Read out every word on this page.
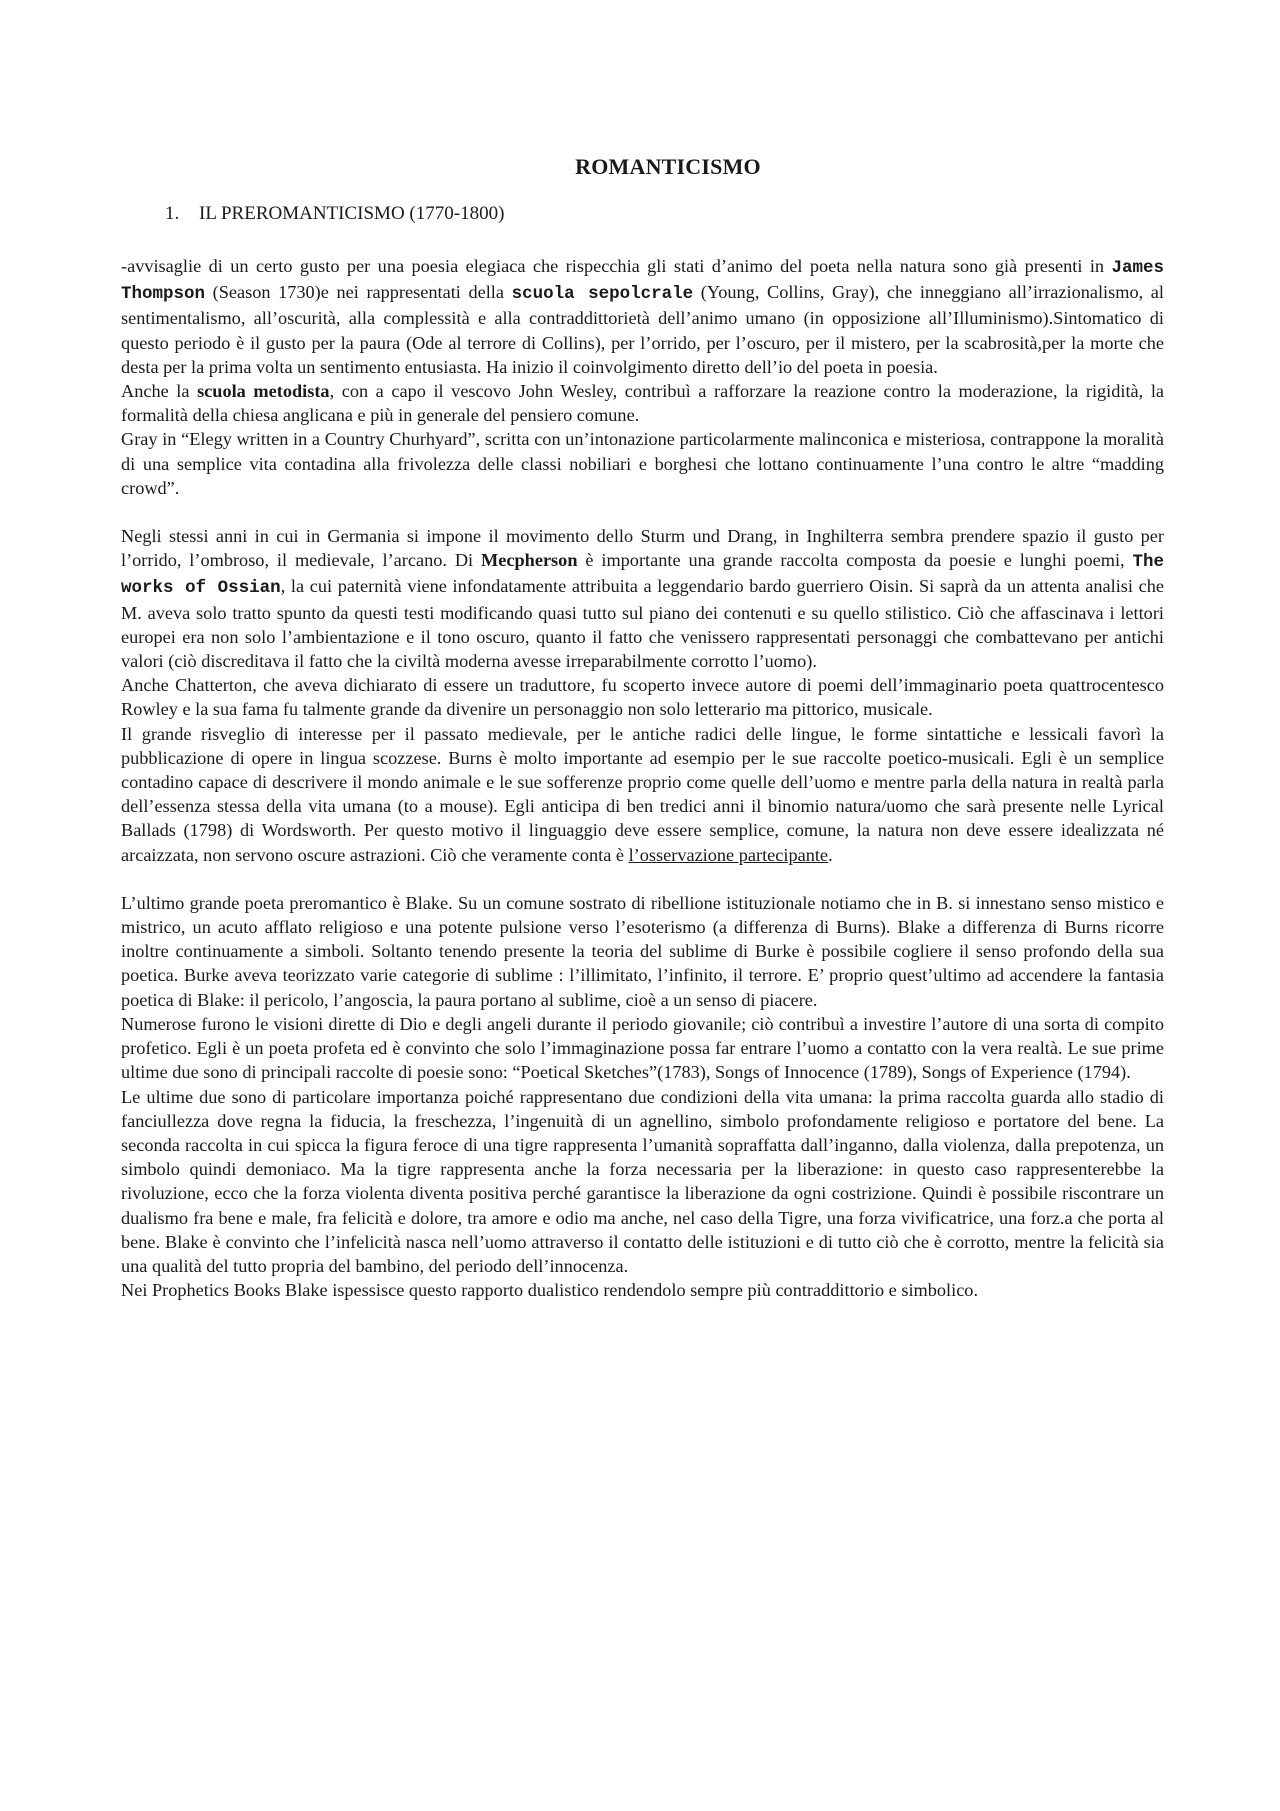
ROMANTICISMO
1. IL PREROMANTICISMO (1770-1800)

-avvisaglie di un certo gusto per una poesia elegiaca che rispecchia gli stati d’animo del poeta nella natura sono già presenti in James Thompson (Season 1730)e nei rappresentati della scuola sepolcrale (Young, Collins, Gray), che inneggiano all’irrazionalismo, al sentimentalismo, all’oscurità, alla complessità e alla contraddittorietà dell’animo umano (in opposizione all’Illuminismo).Sintomatico di questo periodo è il gusto per la paura (Ode al terrore di Collins), per l’orrido, per l’oscuro, per il mistero, per la scabrosità,per la morte che desta per la prima volta un sentimento entusiasta. Ha inizio il coinvolgimento diretto dell’io del poeta in poesia.

Anche la scuola metodista, con a capo il vescovo John Wesley, contribuì a rafforzare la reazione contro la moderazione, la rigidità, la formalità della chiesa anglicana e più in generale del pensiero comune.

Gray in “Elegy written in a Country Churhyard”, scritta con un’intonazione particolarmente malinconica e misteriosa, contrappone la moralità di una semplice vita contadina alla frivolezza delle classi nobiliari e borghesi che lottano continuamente l’una contro le altre “madding crowd”.

Negli stessi anni in cui in Germania si impone il movimento dello Sturm und Drang, in Inghilterra sembra prendere spazio il gusto per l’orrido, l’ombroso, il medievale, l’arcano. Di Mecpherson è importante una grande raccolta composta da poesie e lunghi poemi, The works of Ossian, la cui paternità viene infondatamente attribuita a leggendario bardo guerriero Oisin. Si saprà da un attenta analisi che M. aveva solo tratto spunto da questi testi modificando quasi tutto sul piano dei contenuti e su quello stilistico. Ciò che affascinava i lettori europei era non solo l’ambientazione e il tono oscuro, quanto il fatto che venissero rappresentati personaggi che combattevano per antichi valori (ciò discreditava il fatto che la civiltà moderna avesse irreparabilmente corrotto l’uomo).

Anche Chatterton, che aveva dichiarato di essere un traduttore, fu scoperto invece autore di poemi dell’immaginario poeta quattrocentesco Rowley e la sua fama fu talmente grande da divenire un personaggio non solo letterario ma pittorico, musicale.

Il grande risveglio di interesse per il passato medievale, per le antiche radici delle lingue, le forme sintattiche e lessicali favorì la pubblicazione di opere in lingua scozzese. Burns è molto importante ad esempio per le sue raccolte poetico-musicali. Egli è un semplice contadino capace di descrivere il mondo animale e le sue sofferenze proprio come quelle dell’uomo e mentre parla della natura in realtà parla dell’essenza stessa della vita umana (to a mouse). Egli anticipa di ben tredici anni il binomio natura/uomo che sarà presente nelle Lyrical Ballads (1798) di Wordsworth. Per questo motivo il linguaggio deve essere semplice, comune, la natura non deve essere idealizzata né arcaizzata, non servono oscure astrazioni. Ciò che veramente conta è l’osservazione partecipante.

L’ultimo grande poeta preromantico è Blake. Su un comune sostrato di ribellione istituzionale notiamo che in B. si innestano senso mistico e mistrico, un acuto afflato religioso e una potente pulsione verso l’esoterismo (a differenza di Burns). Blake a differenza di Burns ricorre inoltre continuamente a simboli. Soltanto tenendo presente la teoria del sublime di Burke è possibile cogliere il senso profondo della sua poetica. Burke aveva teorizzato varie categorie di sublime : l’illimitato, l’infinito, il terrore. E’ proprio quest’ultimo ad accendere la fantasia poetica di Blake: il pericolo, l’angoscia, la paura portano al sublime, cioè a un senso di piacere.

Numerose furono le visioni dirette di Dio e degli angeli durante il periodo giovanile; ciò contribuì a investire l’autore di una sorta di compito profetico. Egli è un poeta profeta ed è convinto che solo l’immaginazione possa far entrare l’uomo a contatto con la vera realtà. Le sue prime ultime due sono di principali raccolte di poesie sono: “Poetical Sketches”(1783), Songs of Innocence (1789), Songs of Experience (1794).

Le ultime due sono di particolare importanza poiché rappresentano due condizioni della vita umana: la prima raccolta guarda allo stadio di fanciullezza dove regna la fiducia, la freschezza, l’ingenuità di un agnellino, simbolo profondamente religioso e portatore del bene. La seconda raccolta in cui spicca la figura feroce di una tigre rappresenta l’umanità sopraffatta dall’inganno, dalla violenza, dalla prepotenza, un simbolo quindi demoniaco. Ma la tigre rappresenta anche la forza necessaria per la liberazione: in questo caso rappresenterebbe la rivoluzione, ecco che la forza violenta diventa positiva perché garantisce la liberazione da ogni costrizione. Quindi è possibile riscontrare un dualismo fra bene e male, fra felicità e dolore, tra amore e odio ma anche, nel caso della Tigre, una forza vivificatrice, una forz.a che porta al bene. Blake è convinto che l’infelicità nasca nell’uomo attraverso il contatto delle istituzioni e di tutto ciò che è corrotto, mentre la felicità sia una qualità del tutto propria del bambino, del periodo dell’innocenza.

Nei Prophetics Books Blake ispessisce questo rapporto dualistico rendendolo sempre più contraddittorio e simbolico.
